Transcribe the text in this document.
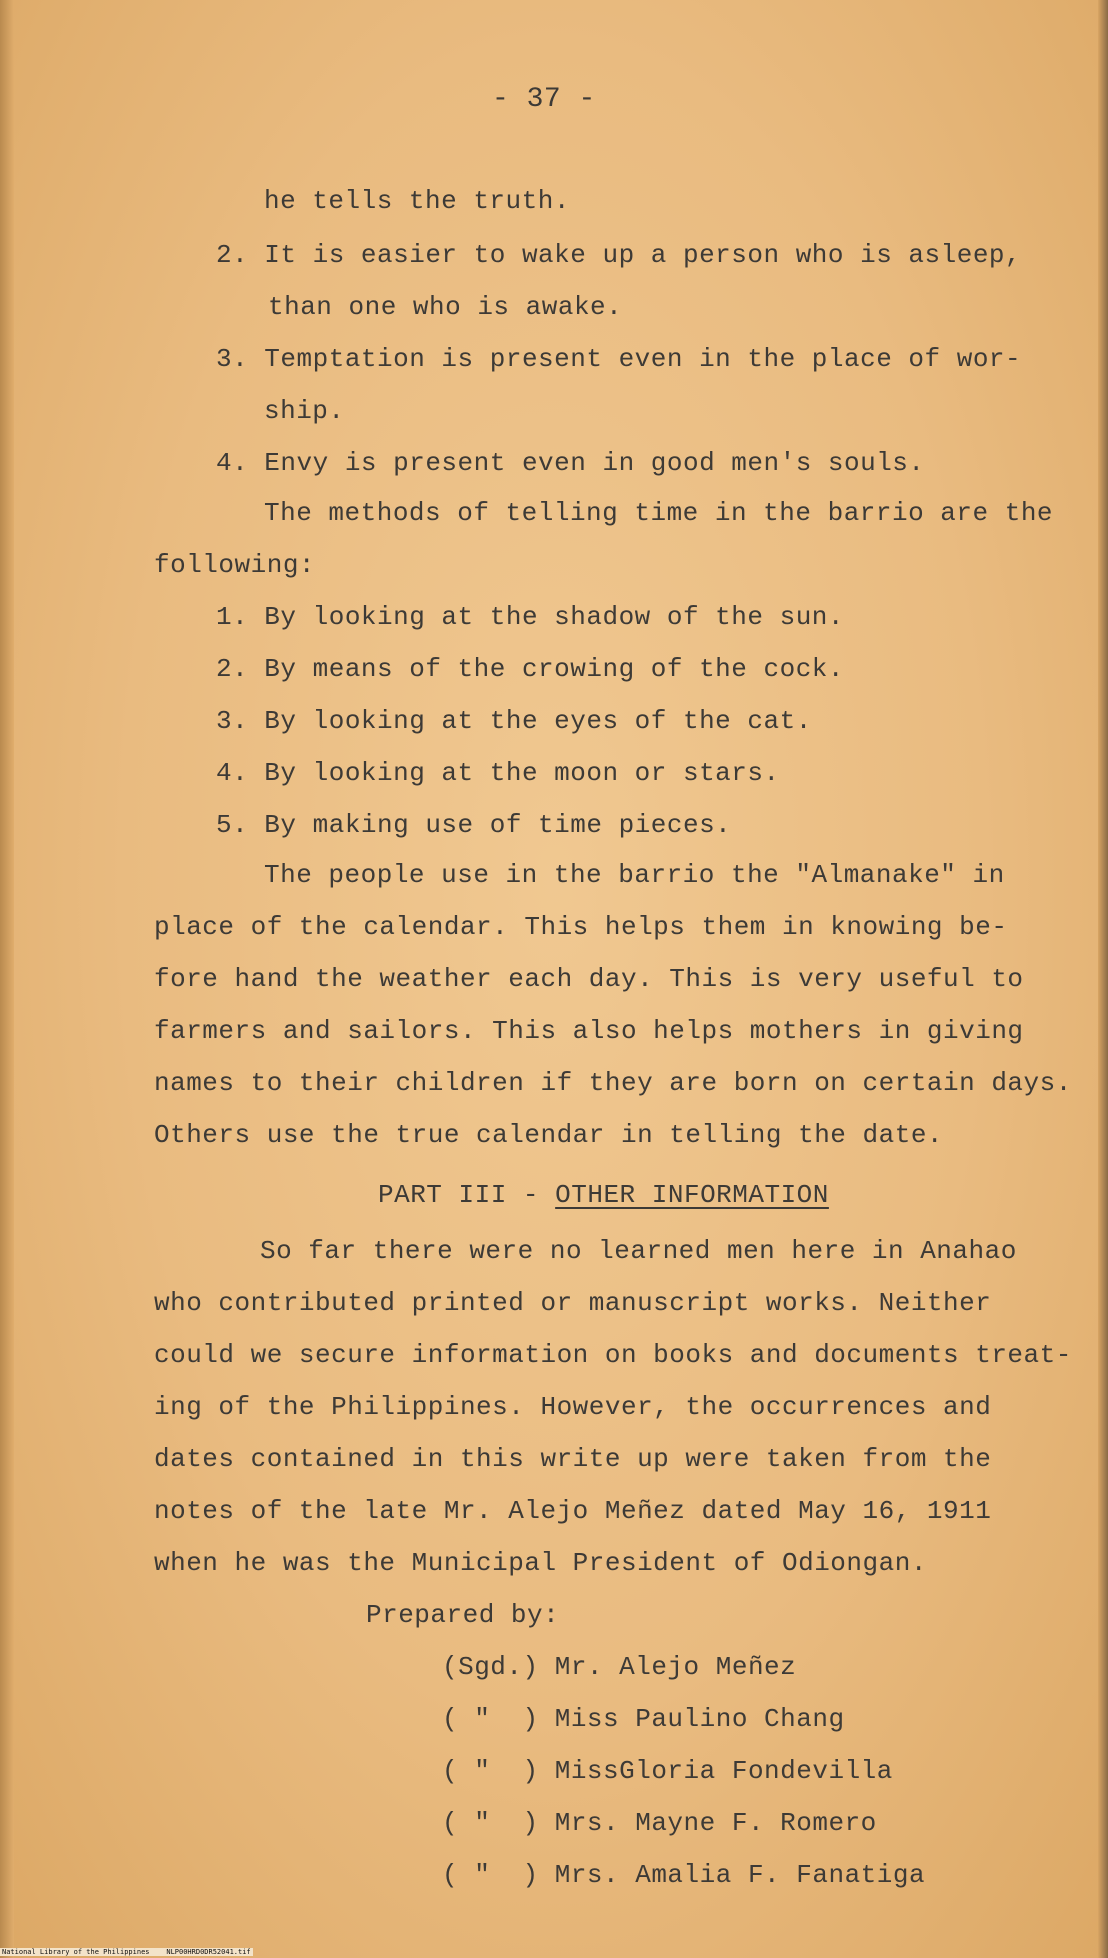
- 37 -
he tells the truth.
2. It is easier to wake up a person who is asleep,
than one who is awake.
3. Temptation is present even in the place of wor-
ship.
4. Envy is present even in good men's souls.
The methods of telling time in the barrio are the
following:
1. By looking at the shadow of the sun.
2. By means of the crowing of the cock.
3. By looking at the eyes of the cat.
4. By looking at the moon or stars.
5. By making use of time pieces.
The people use in the barrio the "Almanake" in
place of the calendar. This helps them in knowing be-
fore hand the weather each day. This is very useful to
farmers and sailors. This also helps mothers in giving
names to their children if they are born on certain days.
Others use the true calendar in telling the date.
PART III - OTHER INFORMATION
So far there were no learned men here in Anahao
who contributed printed or manuscript works. Neither
could we secure information on books and documents treat-
ing of the Philippines. However, the occurrences and
dates contained in this write up were taken from the
notes of the late Mr. Alejo Meñez dated May 16, 1911
when he was the Municipal President of Odiongan.
Prepared by:
(Sgd.) Mr. Alejo Meñez
( "  ) Miss Paulino Chang
( "  ) MissGloria Fondevilla
( "  ) Mrs. Mayne F. Romero
( "  ) Mrs. Amalia F. Fanatiga
National Library of the Philippines    NLP00HRD0DR52041.tif
